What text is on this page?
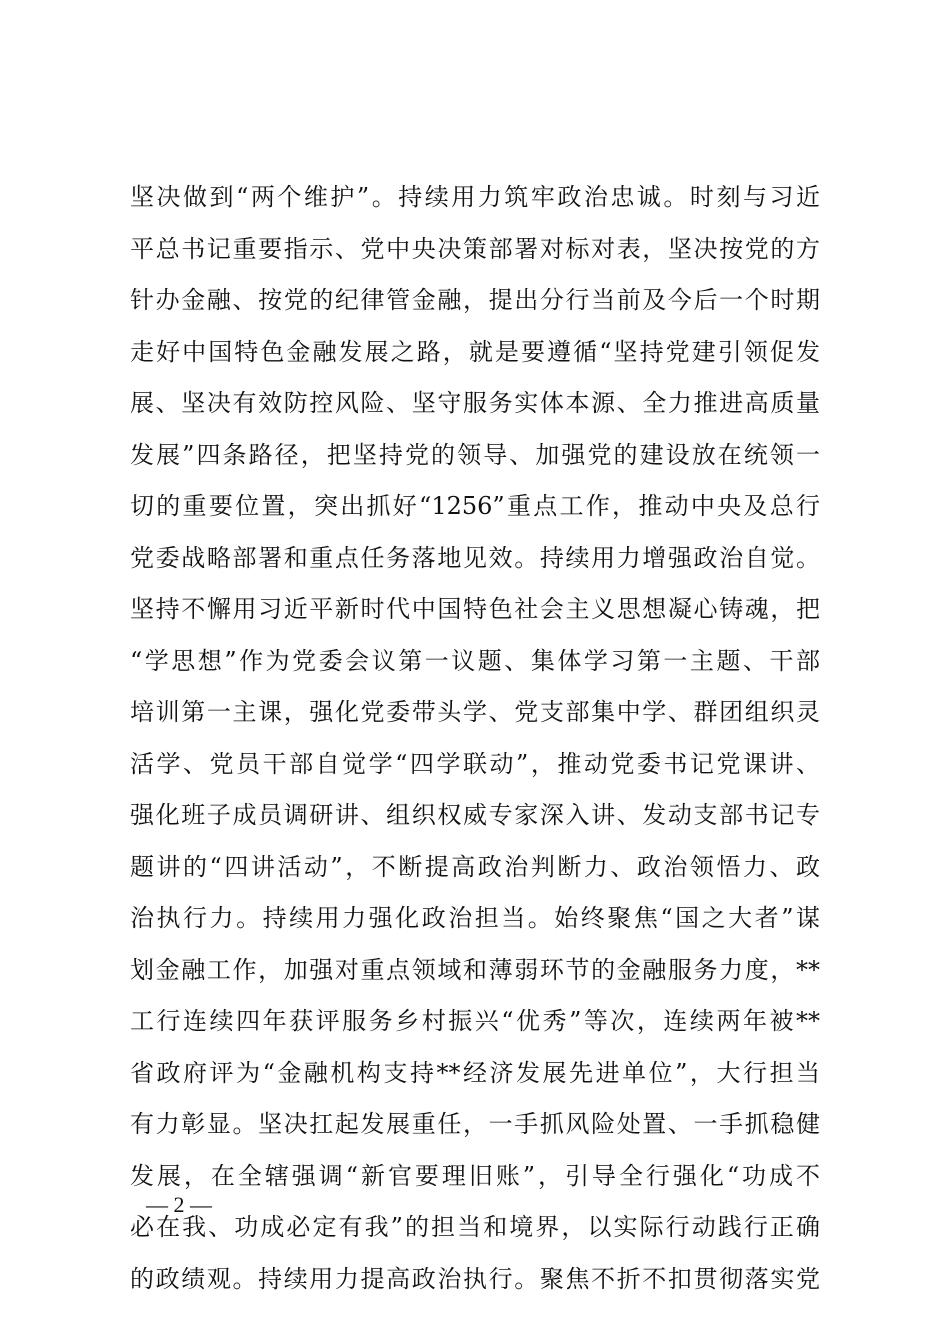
坚决做到“两个维护”。持续用力筑牢政治忠诚。时刻与习近
平总书记重要指示、党中央决策部署对标对表，坚决按党的方
针办金融、按党的纪律管金融，提出分行当前及今后一个时期
走好中国特色金融发展之路，就是要遵循“坚持党建引领促发
展、坚决有效防控风险、坚守服务实体本源、全力推进高质量
发展”四条路径，把坚持党的领导、加强党的建设放在统领一
切的重要位置，突出抓好“1256”重点工作，推动中央及总行
党委战略部署和重点任务落地见效。持续用力增强政治自觉。
坚持不懈用习近平新时代中国特色社会主义思想凝心铸魂，把
“学思想”作为党委会议第一议题、集体学习第一主题、干部
培训第一主课，强化党委带头学、党支部集中学、群团组织灵
活学、党员干部自觉学“四学联动”，推动党委书记党课讲、
强化班子成员调研讲、组织权威专家深入讲、发动支部书记专
题讲的“四讲活动”，不断提高政治判断力、政治领悟力、政
治执行力。持续用力强化政治担当。始终聚焦“国之大者”谋
划金融工作，加强对重点领域和薄弱环节的金融服务力度，**
工行连续四年获评服务乡村振兴“优秀”等次，连续两年被**
省政府评为“金融机构支持**经济发展先进单位”，大行担当
有力彰显。坚决扛起发展重任，一手抓风险处置、一手抓稳健
发展，在全辖强调“新官要理旧账”，引导全行强化“功成不
必在我、功成必定有我”的担当和境界，以实际行动践行正确
的政绩观。持续用力提高政治执行。聚焦不折不扣贯彻落实党
— 2 —
